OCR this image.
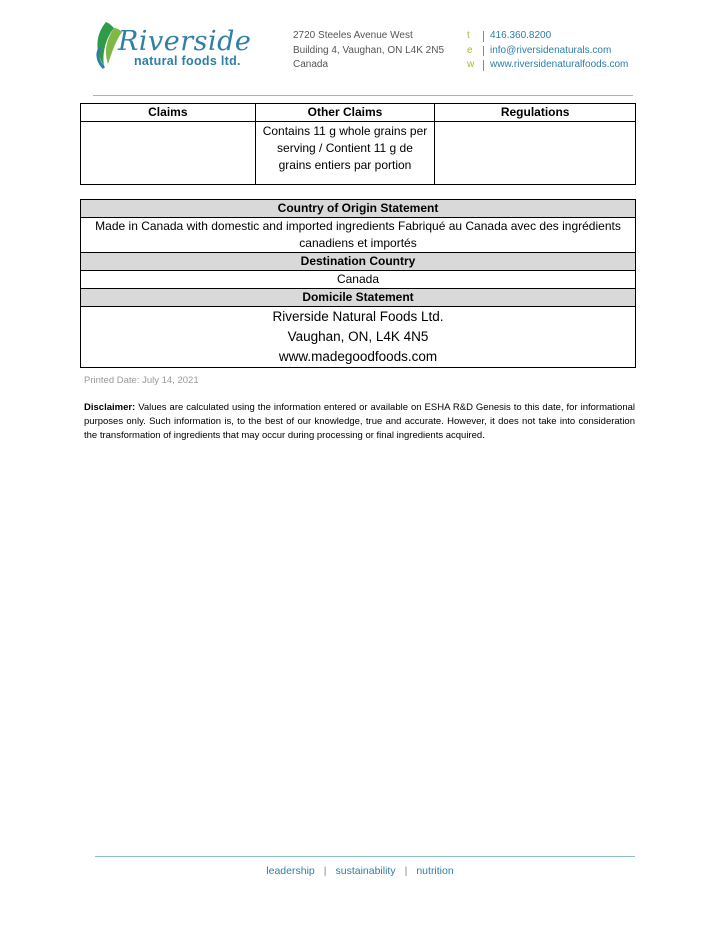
Riverside
natural foods ltd.
2720 Steeles Avenue West
Building 4, Vaughan, ON L4K 2N5
Canada
t	416.360.8200
e	info@riversidenaturals.com
w	www.riversidenaturalfoods.com
Claims	Other Claims	Regulations
	Contains 11 g whole grains per serving / Contient 11 g de grains entiers par portion	
Country of Origin Statement
Made in Canada with domestic and imported ingredients Fabriqué au Canada avec des ingrédients canadiens et importés
Destination Country
Canada
Domicile Statement

Riverside Natural Foods Ltd.
Vaughan, ON, L4K 4N5
www.madegoodfoods.com
Printed Date: July 14, 2021
Disclaimer: Values are calculated using the information entered or available on ESHA R&D Genesis to this date, for informational purposes only. Such information is, to the best of our knowledge, true and accurate. However, it does not take into consideration the transformation of ingredients that may occur during processing or final ingredients acquired.
leadership | sustainability | nutrition
